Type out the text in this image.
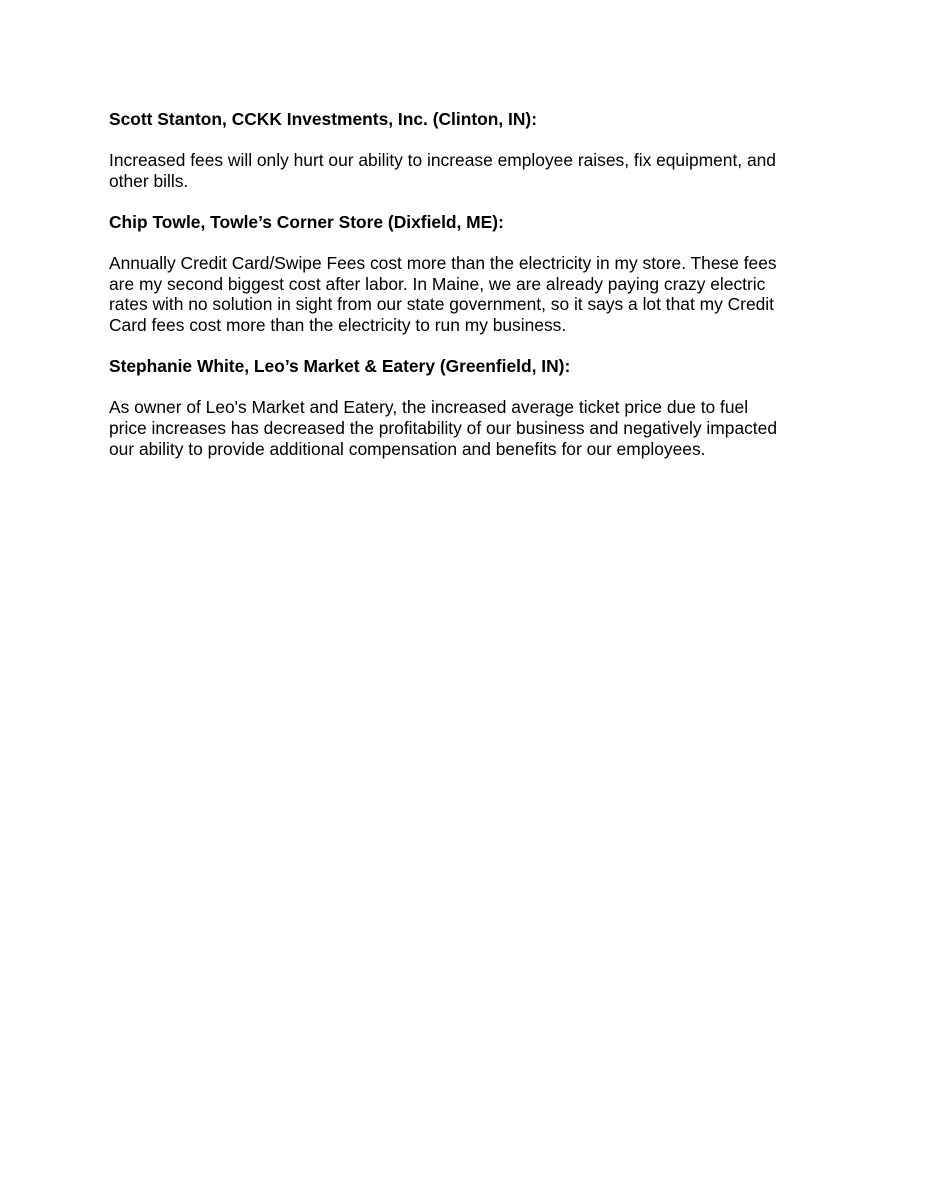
Scott Stanton, CCKK Investments, Inc. (Clinton, IN):
Increased fees will only hurt our ability to increase employee raises, fix equipment, and
other bills.
Chip Towle, Towle’s Corner Store (Dixfield, ME):
Annually Credit Card/Swipe Fees cost more than the electricity in my store. These fees
are my second biggest cost after labor. In Maine, we are already paying crazy electric
rates with no solution in sight from our state government, so it says a lot that my Credit
Card fees cost more than the electricity to run my business.
Stephanie White, Leo’s Market & Eatery (Greenfield, IN):
As owner of Leo's Market and Eatery, the increased average ticket price due to fuel
price increases has decreased the profitability of our business and negatively impacted
our ability to provide additional compensation and benefits for our employees.
